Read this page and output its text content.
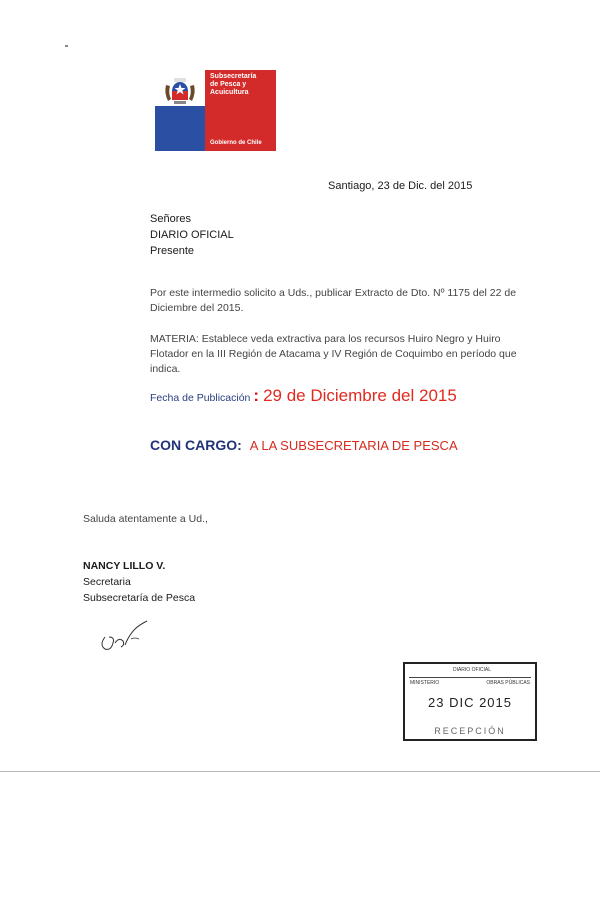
Subsecretaría
de Pesca y
Acuicultura
Gobierno de Chile
Santiago, 23 de Dic. del 2015
Señores
DIARIO OFICIAL
Presente
Por este intermedio solicito a Uds., publicar Extracto de Dto. Nº 1175 del 22 de Diciembre del 2015.
MATERIA: Establece veda extractiva para los recursos Huiro Negro y Huiro Flotador en la III Región de Atacama y IV Región de Coquimbo en período que indica.
Fecha de Publicación : 29 de Diciembre del 2015
CON CARGO: A LA SUBSECRETARIA DE PESCA
Saluda atentamente a Ud.,
NANCY LILLO V.
Secretaria
Subsecretaría de Pesca
DIARIO OFICIAL
MINISTERIO	OBRAS PÚBLICAS
23 DIC 2015
RECEPCIÓN
